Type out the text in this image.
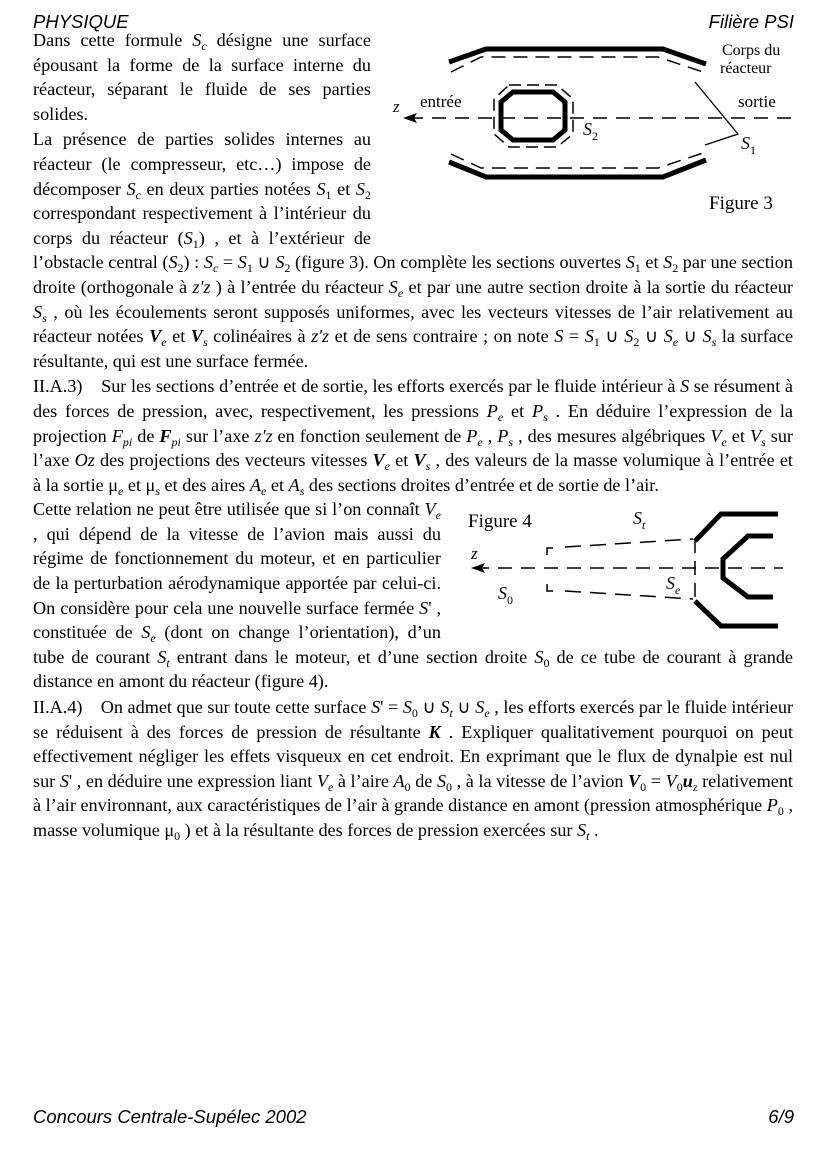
PHYSIQUE	Filière PSI
z entrée	sortie
Corps du
réacteur
$S_2$	$S_1$
Figure 3

Dans cette formule $S_c$ désigne une surface épousant la forme de la surface interne du réacteur, séparant le fluide de ses parties solides.

La présence de parties solides internes au réacteur (le compresseur, etc…) impose de décomposer $S_c$ en deux parties notées $S_1$ et $S_2$ correspondant respectivement à l’intérieur du corps du réacteur $(S_1)$ , et à l’extérieur de l’obstacle central $(S_2)$ : $S_c = S_1$ ∪ $S_2$ (figure 3). On complète les sections ouvertes $S_1$ et $S_2$ par une section droite (orthogonale à z'z ) à l’entrée du réacteur $S_e$ et par une autre section droite à la sortie du réacteur $S_s$ , où les écoulements seront supposés uniformes, avec les vecteurs vitesses de l’air relativement au réacteur notées $V_e$ et $V_s$ colinéaires à z'z et de sens contraire ; on note $S = S_1$ ∪ $S_2$ ∪ $S_e$ ∪ $S_s$ la surface résultante, qui est une surface fermée.

II.A.3)    Sur les sections d’entrée et de sortie, les efforts exercés par le fluide intérieur à S se résument à des forces de pression, avec, respectivement, les pressions $P_e$ et $P_s$ . En déduire l’expression de la projection $F_{pi}$ de $F_{pi}$ sur l’axe z'z en fonction seulement de $P_e$ , $P_s$ , des mesures algébriques $V_e$ et $V_s$ sur l’axe Oz des projections des vecteurs vitesses $V_e$ et $V_s$ , des valeurs de la masse volumique à l’entrée et à la sortie $\mu_e$ et $\mu_s$ et des aires $A_e$ et $A_s$ des sections droites d’entrée et de sortie de l’air.

z
Figure 4	$S_t$
$S_e$
$S_0$

Cette relation ne peut être utilisée que si l’on connaît $V_e$ , qui dépend de la vitesse de l’avion mais aussi du régime de fonctionnement du moteur, et en particulier de la perturbation aérodynamique apportée par celui-ci. On considère pour cela une nouvelle surface fermée S' , constituée de $S_e$ (dont on change l’orientation), d’un tube de courant $S_t$ entrant dans le moteur, et d’une section droite $S_0$ de ce tube de courant à grande distance en amont du réacteur (figure 4).

II.A.4)    On admet que sur toute cette surface $S' = S_0$ ∪ $S_t$ ∪ $S_e$ , les efforts exercés par le fluide intérieur se réduisent à des forces de pression de résultante K . Expliquer qualitativement pourquoi on peut effectivement négliger les effets visqueux en cet endroit. En exprimant que le flux de dynalpie est nul sur S' , en déduire une expression liant $V_e$ à l’aire $A_0$ de $S_0$ , à la vitesse de l’avion $V_0 = V_0u_z$ relativement à l’air environnant, aux caractéristiques de l’air à grande distance en amont (pression atmosphérique $P_0$ , masse volumique $\mu_0$ ) et à la résultante des forces de pression exercées sur $S_t$ .

Concours Centrale-Supélec 2002	6/9
